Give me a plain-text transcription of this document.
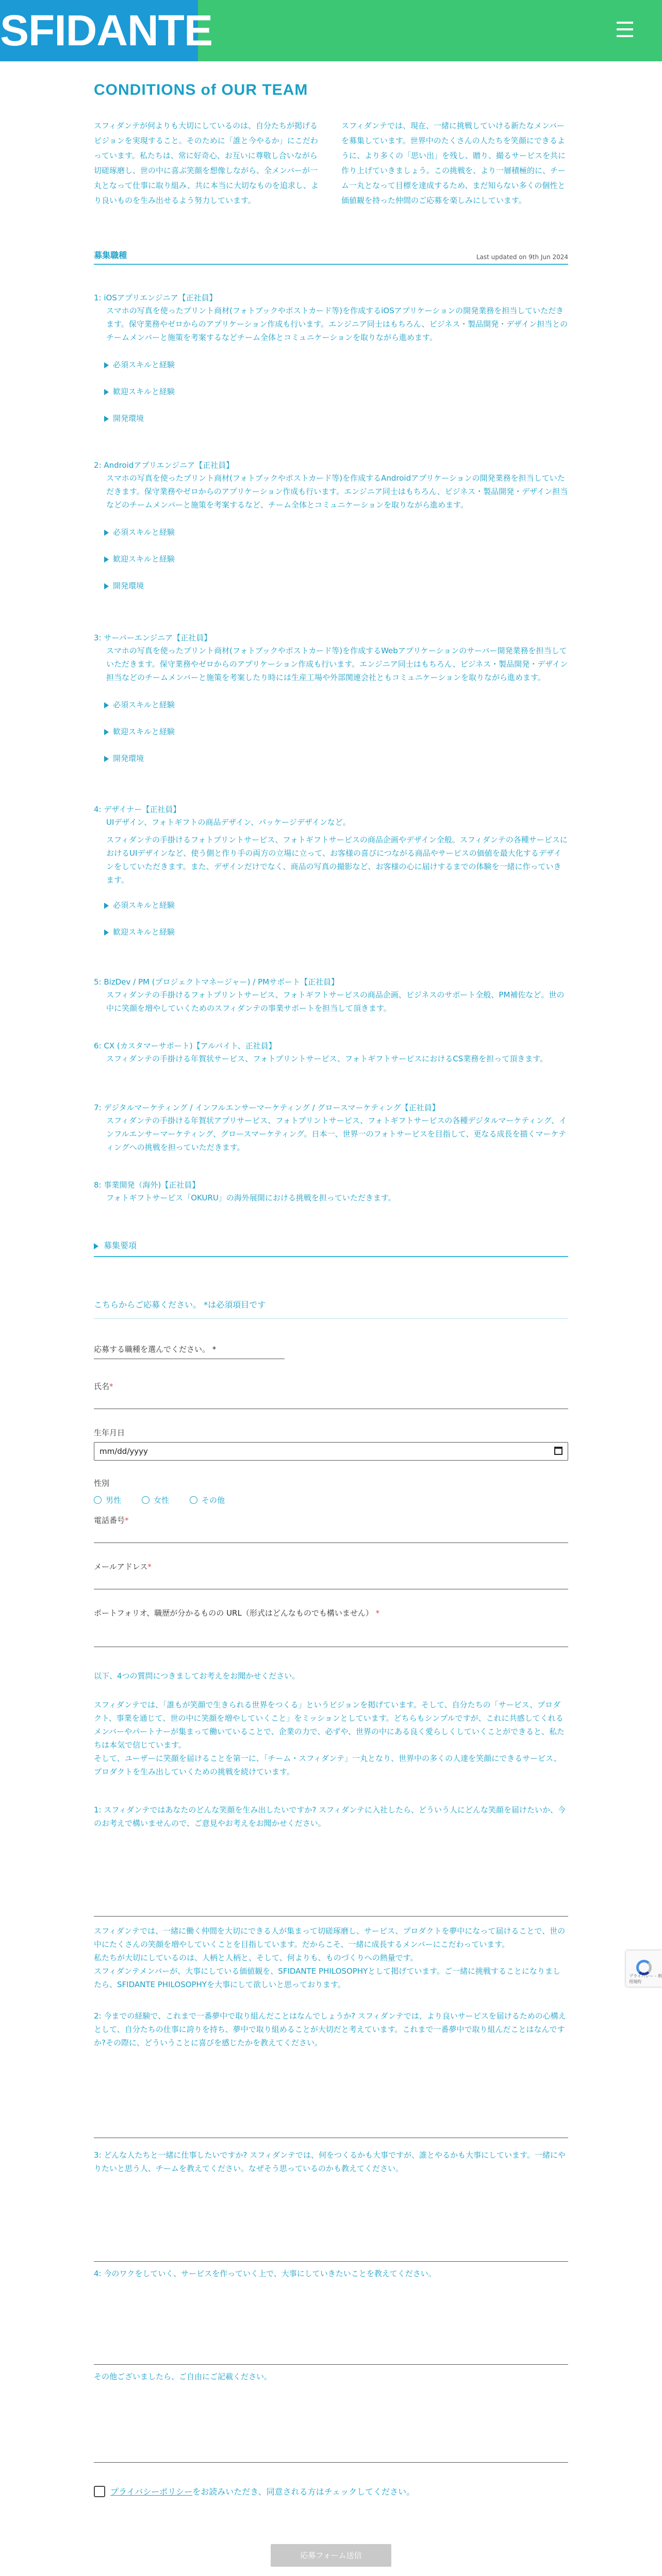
SFIDANTE
CONDITIONS of OUR TEAM

スフィダンテが何よりも大切にしているのは、自分たちが掲げるビジョンを実現すること。そのために「誰と今やるか」にこだわっています。私たちは、常に好奇心、お互いに尊敬し合いながら切磋琢磨し、世の中に喜ぶ笑顔を想像しながら、全メンバーが一丸となって仕事に取り組み、共に本当に大切なものを追求し、より良いものを生み出せるよう努力しています。

スフィダンテでは、現在、一緒に挑戦していける新たなメンバーを募集しています。世界中のたくさんの人たちを笑顔にできるように、より多くの「思い出」を残し、贈り、撮るサービスを共に作り上げていきましょう。この挑戦を、より一層積極的に、チーム一丸となって目標を達成するため、まだ知らない多くの個性と価値観を持った仲間のご応募を楽しみにしています。

募集職種	Last updated on 9th Jun 2024
1: iOSアプリエンジニア【正社員】
スマホの写真を使ったプリント商材(フォトブックやポストカード等)を作成するiOSアプリケーションの開発業務を担当していただきます。保守業務やゼロからのアプリケーション作成も行います。エンジニア同士はもちろん、ビジネス・製品開発・デザイン担当とのチームメンバーと施策を考案するなどチーム全体とコミュニケーションを取りながら進めます。
必須スキルと経験
歓迎スキルと経験
開発環境
2: Androidアプリエンジニア【正社員】
スマホの写真を使ったプリント商材(フォトブックやポストカード等)を作成するAndroidアプリケーションの開発業務を担当していただきます。保守業務やゼロからのアプリケーション作成も行います。エンジニア同士はもちろん、ビジネス・製品開発・デザイン担当などのチームメンバーと施策を考案するなど、チーム全体とコミュニケーションを取りながら進めます。
必須スキルと経験
歓迎スキルと経験
開発環境
3: サーバーエンジニア【正社員】
スマホの写真を使ったプリント商材(フォトブックやポストカード等)を作成するWebアプリケーションのサーバー開発業務を担当していただきます。保守業務やゼロからのアプリケーション作成も行います。エンジニア同士はもちろん、ビジネス・製品開発・デザイン担当などのチームメンバーと施策を考案したり時には生産工場や外部関連会社ともコミュニケーションを取りながら進めます。
必須スキルと経験
歓迎スキルと経験
開発環境
4: デザイナー【正社員】
UIデザイン、フォトギフトの商品デザイン、パッケージデザインなど。
スフィダンテの手掛けるフォトプリントサービス、フォトギフトサービスの商品企画やデザイン全般。スフィダンテの各種サービスにおけるUIデザインなど、使う側と作り手の両方の立場に立って、お客様の喜びにつながる商品やサービスの価値を最大化するデザインをしていただきます。また、デザインだけでなく、商品の写真の撮影など、お客様の心に届けするまでの体験を一緒に作っていきます。
必須スキルと経験
歓迎スキルと経験
5: BizDev / PM (プロジェクトマネージャー) / PMサポート【正社員】
スフィダンテの手掛けるフォトプリントサービス、フォトギフトサービスの商品企画、ビジネスのサポート全般、PM補佐など。世の中に笑顔を増やしていくためのスフィダンテの事業サポートを担当して頂きます。
6: CX (カスタマーサポート)【アルバイト、正社員】
スフィダンテの手掛ける年賀状サービス、フォトプリントサービス、フォトギフトサービスにおけるCS業務を担って頂きます。
7: デジタルマーケティング / インフルエンサーマーケティング / グロースマーケティング【正社員】
スフィダンテの手掛ける年賀状アプリサービス、フォトプリントサービス、フォトギフトサービスの各種デジタルマーケティング、インフルエンサーマーケティング、グロースマーケティング。日本一、世界一のフォトサービスを目指して、更なる成長を描くマーケティングへの挑戦を担っていただきます。
8: 事業開発（海外)【正社員】
フォトギフトサービス「OKURU」の海外展開における挑戦を担っていただきます。
募集要項
こちらからご応募ください。 *は必須項目です
応募する職種を選んでください。 *
氏名*
生年月日
mm/dd/yyyy
性別
男性	女性	その他
電話番号*
メールアドレス*
ポートフォリオ、職歴が分かるものの URL（形式はどんなものでも構いません） *
以下、4つの質問につきましてお考えをお聞かせください。
スフィダンテでは、「誰もが笑顔で生きられる世界をつくる」というビジョンを掲げています。そして、自分たちの「サービス、プロダクト、事業を通じて、世の中に笑顔を増やしていくこと」をミッションとしています。どちらもシンプルですが、これに共感してくれるメンバーやパートナーが集まって働いていることで、企業の力で、必ずや、世界の中にある良く愛らしくしていくことができると、私たちは本気で信じています。
そして、ユーザーに笑顔を届けることを第一に、「チーム・スフィダンテ」一丸となり、世界中の多くの人達を笑顔にできるサービス、プロダクトを生み出していくための挑戦を続けています。
1: スフィダンテではあなたのどんな笑顔を生み出したいですか? スフィダンテに入社したら、どういう人にどんな笑顔を届けたいか、今のお考えで構いませんので、ご意見やお考えをお聞かせください。
スフィダンテでは、一緒に働く仲間を大切にできる人が集まって切磋琢磨し、サービス、プロダクトを夢中になって届けることで、世の中にたくさんの笑顔を増やしていくことを目指しています。だからこそ、一緒に成長するメンバーにこだわっています。
私たちが大切にしているのは、人柄と人柄と、そして、何よりも、ものづくりへの熱量です。
スフィダンテメンバーが、大事にしている価値観を、SFIDANTE PHILOSOPHYとして掲げています。ご一緒に挑戦することになりましたら、SFIDANTE PHILOSOPHYを大事にして欲しいと思っております。
2: 今までの経験で、これまで一番夢中で取り組んだことはなんでしょうか? スフィダンテでは、より良いサービスを届けるための心構えとして、自分たちの仕事に誇りを持ち、夢中で取り組めることが大切だと考えています。これまで一番夢中で取り組んだことはなんですか?その際に、どういうことに喜びを感じたかを教えてください。
3: どんな人たちと一緒に仕事したいですか? スフィダンテでは、何をつくるかも大事ですが、誰とやるかも大事にしています。一緒にやりたいと思う人、チームを教えてください。なぜそう思っているのかも教えてください。
4: 今のワクをしていく、サービスを作っていく上で、大事にしていきたいことを教えてください。
その他ございましたら、ご自由にご記載ください。
プライバシーポリシーをお読みいただき、同意される方はチェックしてください。
応募フォーム送信
プライバシー - 利用規約
